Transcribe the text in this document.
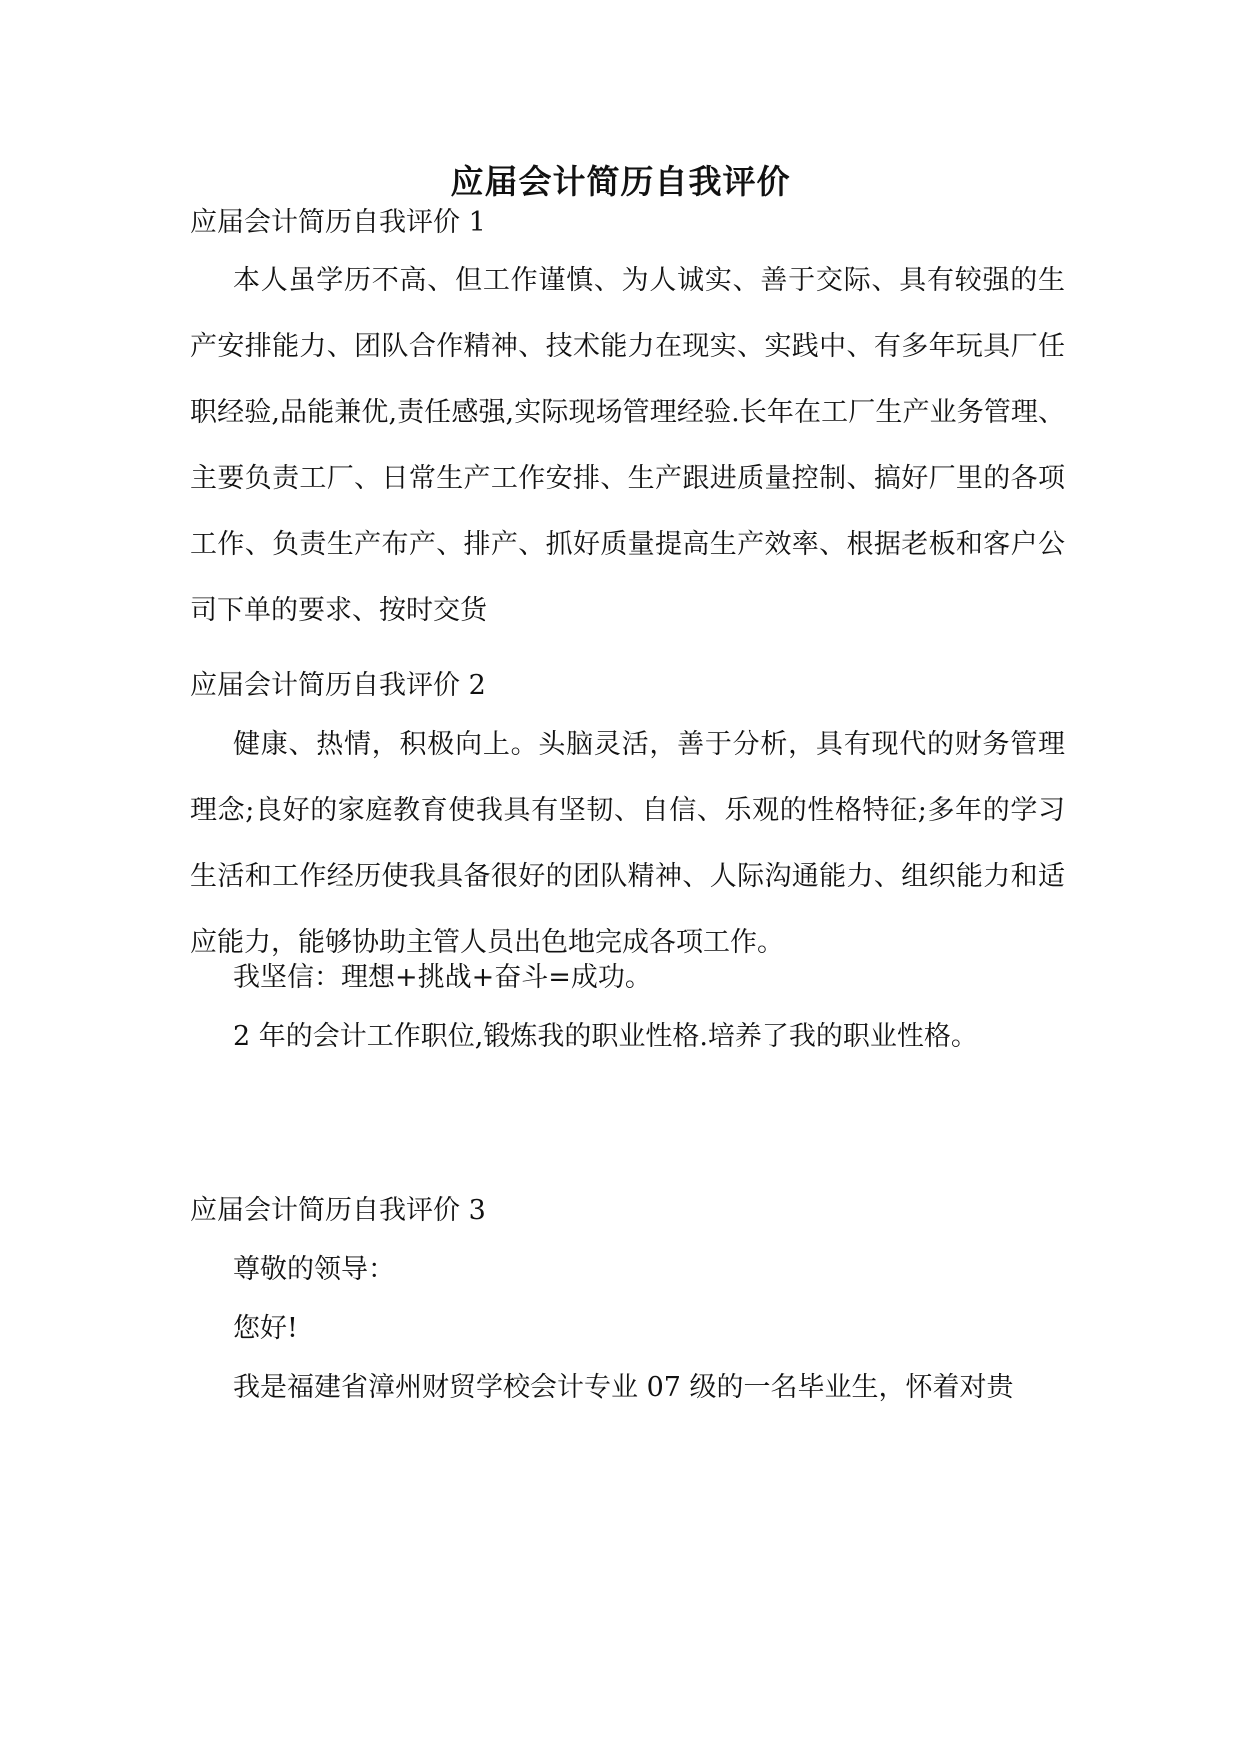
应届会计简历自我评价
应届会计简历自我评价 1

本人虽学历不高、但工作谨慎、为人诚实、善于交际、具有较强的生产安排能力、团队合作精神、技术能力在现实、实践中、有多年玩具厂任职经验,品能兼优,责任感强,实际现场管理经验.长年在工厂生产业务管理、主要负责工厂、日常生产工作安排、生产跟进质量控制、搞好厂里的各项工作、负责生产布产、排产、抓好质量提高生产效率、根据老板和客户公司下单的要求、按时交货

应届会计简历自我评价 2

健康、热情，积极向上。头脑灵活，善于分析，具有现代的财务管理理念;良好的家庭教育使我具有坚韧、自信、乐观的性格特征;多年的学习生活和工作经历使我具备很好的团队精神、人际沟通能力、组织能力和适应能力，能够协助主管人员出色地完成各项工作。

我坚信：理想+挑战+奋斗=成功。

2 年的会计工作职位,锻炼我的职业性格.培养了我的职业性格。

应届会计简历自我评价 3

尊敬的领导：

您好!

我是福建省漳州财贸学校会计专业 07 级的一名毕业生，怀着对贵
